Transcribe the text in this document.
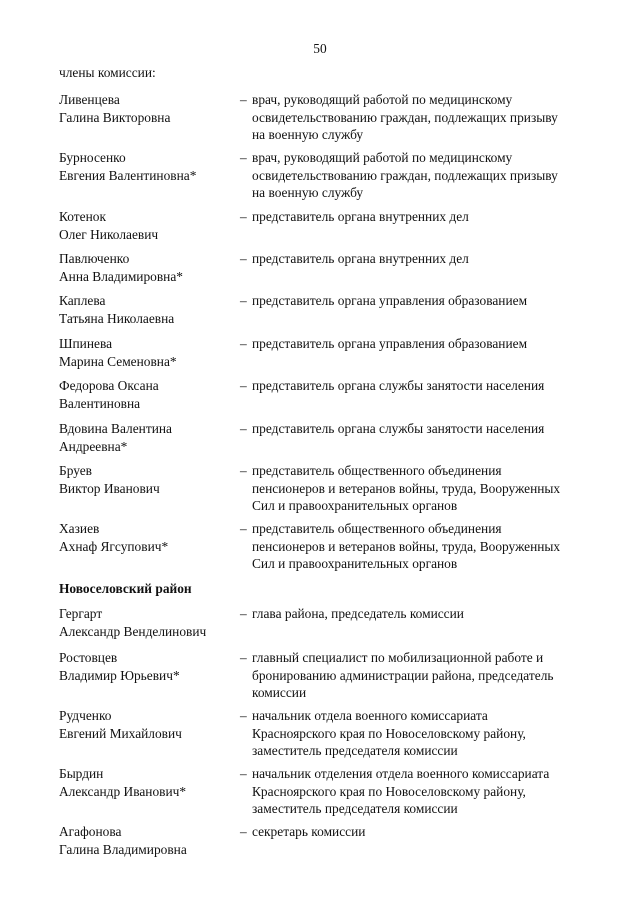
50
члены комиссии:
Ливенцева
Галина Викторовна
– врач, руководящий работой по медицинскому
освидетельствованию граждан, подлежащих призыву
на военную службу
Бурносенко
Евгения Валентиновна*
– врач, руководящий работой по медицинскому
освидетельствованию граждан, подлежащих призыву
на военную службу
Котенок
Олег Николаевич
– представитель органа внутренних дел
Павлюченко
Анна Владимировна*
– представитель органа внутренних дел
Каплева
Татьяна Николаевна
– представитель органа управления образованием
Шпинева
Марина Семеновна*
– представитель органа управления образованием
Федорова Оксана
Валентиновна
– представитель органа службы занятости населения
Вдовина Валентина
Андреевна*
– представитель органа службы занятости населения
Бруев
Виктор Иванович
– представитель общественного объединения
пенсионеров и ветеранов войны, труда, Вооруженных
Сил и правоохранительных органов
Хазиев
Ахнаф Ягсупович*
– представитель общественного объединения
пенсионеров и ветеранов войны, труда, Вооруженных
Сил и правоохранительных органов
Новоселовский район
Гергарт
Александр Венделинович
– глава района, председатель комиссии
Ростовцев
Владимир Юрьевич*
– главный специалист по мобилизационной работе и
бронированию администрации района, председатель
комиссии
Рудченко
Евгений Михайлович
– начальник отдела военного комиссариата
Красноярского края по Новоселовскому району,
заместитель председателя комиссии
Бырдин
Александр Иванович*
– начальник отделения отдела военного комиссариата
Красноярского края по Новоселовскому району,
заместитель председателя комиссии
Агафонова
Галина Владимировна
– секретарь комиссии
